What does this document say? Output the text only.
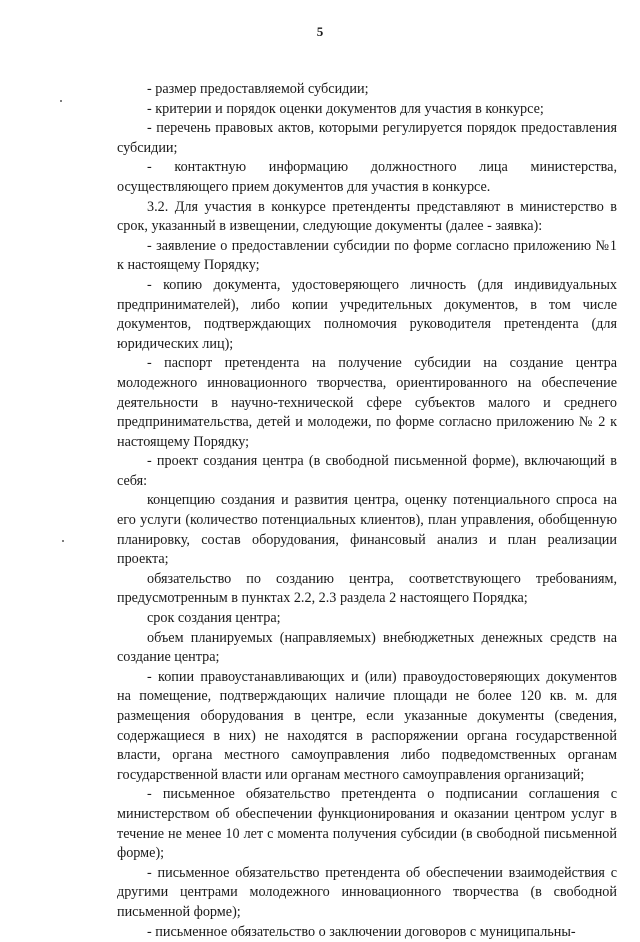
5

- размер предоставляемой субсидии;

- критерии и порядок оценки документов для участия в конкурсе;

- перечень правовых актов, которыми регулируется порядок предоставления субсидии;

- контактную информацию должностного лица министерства, осуществляющего прием документов для участия в конкурсе.

3.2. Для участия в конкурсе претенденты представляют в министерство в срок, указанный в извещении, следующие документы (далее - заявка):

- заявление о предоставлении субсидии по форме согласно приложению №1 к настоящему Порядку;

- копию документа, удостоверяющего личность (для индивидуальных предпринимателей), либо копии учредительных документов, в том числе документов, подтверждающих полномочия руководителя претендента (для юридических лиц);

- паспорт претендента на получение субсидии на создание центра молодежного инновационного творчества, ориентированного на обеспечение деятельности в научно-технической сфере субъектов малого и среднего предпринимательства, детей и молодежи, по форме согласно приложению № 2 к настоящему Порядку;

- проект создания центра (в свободной письменной форме), включающий в себя:

концепцию создания и развития центра, оценку потенциального спроса на его услуги (количество потенциальных клиентов), план управления, обобщенную планировку, состав оборудования, финансовый анализ и план реализации проекта;

обязательство по созданию центра, соответствующего требованиям, предусмотренным в пунктах 2.2, 2.3 раздела 2 настоящего Порядка;

срок создания центра;

объем планируемых (направляемых) внебюджетных денежных средств на создание центра;

- копии правоустанавливающих и (или) правоудостоверяющих документов на помещение, подтверждающих наличие площади не более 120 кв. м. для размещения оборудования в центре, если указанные документы (сведения, содержащиеся в них) не находятся в распоряжении органа государственной власти, органа местного самоуправления либо подведомственных органам государственной власти или органам местного самоуправления организаций;

- письменное обязательство претендента о подписании соглашения с министерством об обеспечении функционирования и оказании центром услуг в течение не менее 10 лет с момента получения субсидии (в свободной письменной форме);

- письменное обязательство претендента об обеспечении взаимодействия с другими центрами молодежного инновационного творчества (в свободной письменной форме);

- письменное обязательство о заключении договоров с муниципальны-
